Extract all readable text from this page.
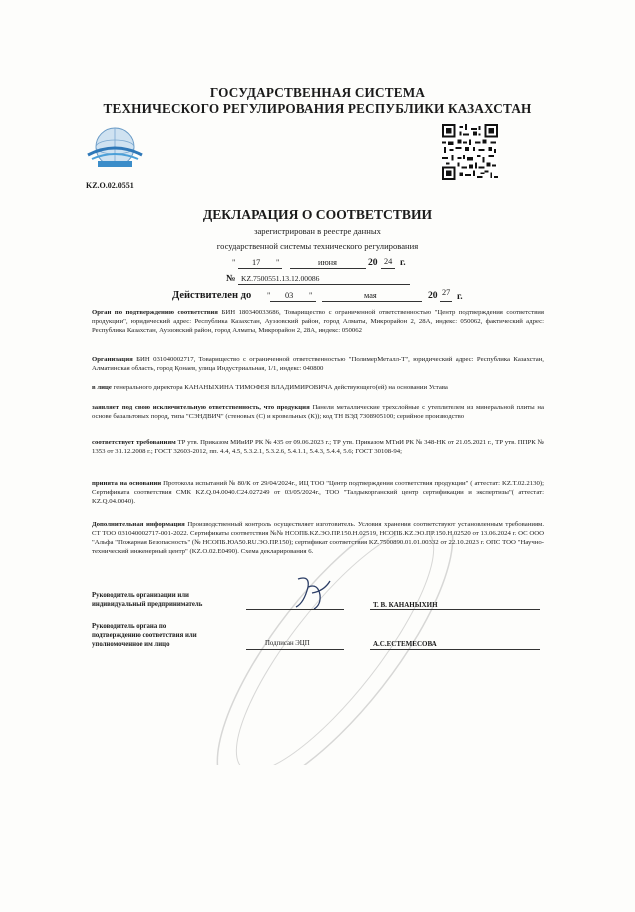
ГОСУДАРСТВЕННАЯ СИСТЕМА
ТЕХНИЧЕСКОГО РЕГУЛИРОВАНИЯ РЕСПУБЛИКИ КАЗАХСТАН
KZ.O.02.0551
ДЕКЛАРАЦИЯ О СООТВЕТСТВИИ
зарегистрирован в реестре данных
государственной системы технического регулирования
" 17 "	июня	20 24 г.
№ KZ.7500551.13.12.00086
Действителен до " 03 "	мая	20 27 г.
Орган по подтверждению соответствия БИН 180340033686, Товарищество с ограниченной ответственностью "Центр подтверждения соответствия продукции", юридический адрес: Республика Казахстан, Ауэзовский район, город Алматы, Микрорайон 2, 28А, индекс: 050062, фактический адрес: Республика Казахстан, Ауэзовский район, город Алматы, Микрорайон 2, 28А, индекс: 050062
Организация БИН 031040002717, Товарищество с ограниченной ответственностью "ПолимерМеталл-Т", юридический адрес: Республика Казахстан, Алматинская область, город Қонаев, улица Индустриальная, 1/1, индекс: 040800
в лице генерального директора КАНАНЫХИНА ТИМОФЕЯ ВЛАДИМИРОВИЧА действующего(ей) на основании Устава
заявляет под свою исключительную ответственность, что продукция Панели металлические трехслойные с утеплителем из минеральной плиты на основе базальтовых пород, типа "СЭНДВИЧ" (стеновых (С) и кровельных (К)); код ТН ВЭД 7308905100; серийное производство
соответствует требованиям ТР утв. Приказом МИиИР РК № 435 от 09.06.2023 г.; ТР утв. Приказом МТиИ РК № 348-НК от 21.05.2021 г., ТР утв. ППРК № 1353 от 31.12.2008 г.; ГОСТ 32603-2012, пп. 4.4, 4.5, 5.3.2.1, 5.3.2.6, 5.4.1.1, 5.4.3, 5.4.4, 5.6; ГОСТ 30108-94;
принята на основании Протокола испытаний № 80/К от 29/04/2024г., ИЦ ТОО "Центр подтверждения соответствия продукции" ( аттестат: KZ.T.02.2130); Сертификата соответствия СМК KZ.Q.04.0040.C24.027249 от 03/05/2024г., ТОО "Талдыкорганский центр сертификации и экспертизы"( аттестат: KZ.Q.04.0040).
Дополнительная информация Производственный контроль осуществляет изготовитель. Условия хранения соответствуют установленным требованиям. СТ ТОО 031040002717-001-2022. Сертификаты соответствия №№ НСОПБ.KZ.ЭО.ПР.150.Н.02519, НСОПБ.KZ.ЭО.ПР.150.Н.02520 от 13.06.2024 г. ОС ООО "Альфа "Пожарная Безопасность" (№ НСОПБ.ЮА50.RU.ЭО.ПР.150); сертификат соответствия KZ.7500890.01.01.00332 от 22.10.2023 г. ОПС ТОО "Научно-технический инженерный центр" (KZ.O.02.E0490). Схема декларирования 6.
Руководитель организации или
индивидуальный предприниматель	Т. В. КАНАНЫХИН
Руководитель органа по
подтверждению соответствия или
уполномоченное им лицо	Подписан ЭЦП	А.С.ЕСТЕМЕСОВА
